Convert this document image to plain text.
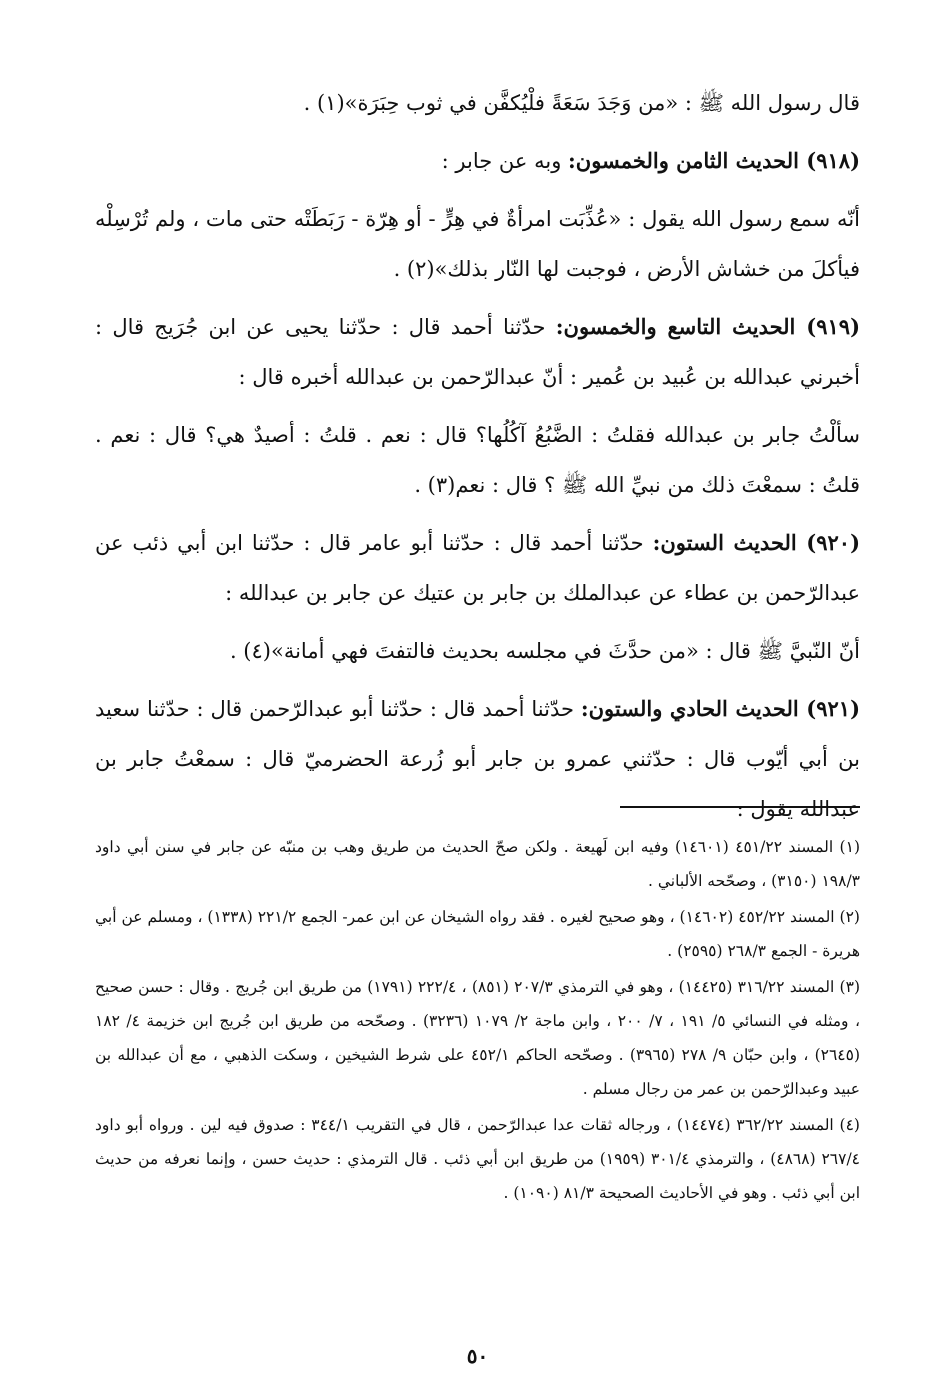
قال رسول الله ﷺ : «من وَجَدَ سَعَةً فلْيُكفَّن في ثوب حِبَرَة»(١) .

(٩١٨) الحديث الثامن والخمسون: وبه عن جابر :

أنّه سمع رسول الله يقول : «عُذِّبَت امرأةٌ في هِرٍّ - أو هِرّة - رَبَطَتْه حتى مات ، ولم تُرْسِلْه فيأكلَ من خشاش الأرض ، فوجبت لها النّار بذلك»(٢) .

(٩١٩) الحديث التاسع والخمسون: حدّثنا أحمد قال : حدّثنا يحيى عن ابن جُرَيج قال : أخبرني عبدالله بن عُبيد بن عُمير : أنّ عبدالرّحمن بن عبدالله أخبره قال :

سألْتُ جابر بن عبدالله فقلتُ : الضَّبُعُ آكُلُها؟ قال : نعم . قلتُ : أصيدٌ هي؟ قال : نعم . قلتُ : سمعْتَ ذلك من نبيِّ الله ﷺ ؟ قال : نعم(٣) .

(٩٢٠) الحديث الستون: حدّثنا أحمد قال : حدّثنا أبو عامر قال : حدّثنا ابن أبي ذئب عن عبدالرّحمن بن عطاء عن عبدالملك بن جابر بن عتيك عن جابر بن عبدالله :

أنّ النّبيَّ ﷺ قال : «من حدَّثَ في مجلسه بحديث فالتفتَ فهي أمانة»(٤) .

(٩٢١) الحديث الحادي والستون: حدّثنا أحمد قال : حدّثنا أبو عبدالرّحمن قال : حدّثنا سعيد بن أبي أيّوب قال : حدّثني عمرو بن جابر أبو زُرعة الحضرميّ قال : سمعْتُ جابر بن عبدالله يقول :

(١) المسند ٤٥١/٢٢ (١٤٦٠١) وفيه ابن لَهيعة . ولكن صحّ الحديث من طريق وهب بن منبّه عن جابر في سنن أبي داود ١٩٨/٣ (٣١٥٠) ، وصحّحه الألباني .

(٢) المسند ٤٥٢/٢٢ (١٤٦٠٢) ، وهو صحيح لغيره . فقد رواه الشيخان عن ابن عمر- الجمع ٢٢١/٢ (١٣٣٨) ، ومسلم عن أبي هريرة - الجمع ٢٦٨/٣ (٢٥٩٥) .

(٣) المسند ٣١٦/٢٢ (١٤٤٢٥) ، وهو في الترمذي ٢٠٧/٣ (٨٥١) ، ٢٢٢/٤ (١٧٩١) من طريق ابن جُريج . وقال : حسن صحيح ، ومثله في النسائي ٥/ ١٩١ ، ٧/ ٢٠٠ ، وابن ماجة ٢/ ١٠٧٩ (٣٢٣٦) . وصحّحه من طريق ابن جُريج ابن خزيمة ٤/ ١٨٢ (٢٦٤٥) ، وابن حبّان ٩/ ٢٧٨ (٣٩٦٥) . وصحّحه الحاكم ٤٥٢/١ على شرط الشيخين ، وسكت الذهبي ، مع أن عبدالله بن عبيد وعبدالرّحمن بن عمر من رجال مسلم .

(٤) المسند ٣٦٢/٢٢ (١٤٤٧٤) ، ورجاله ثقات عدا عبدالرّحمن ، قال في التقريب ٣٤٤/١ : صدوق فيه لين . ورواه أبو داود ٢٦٧/٤ (٤٨٦٨) ، والترمذي ٣٠١/٤ (١٩٥٩) من طريق ابن أبي ذئب . قال الترمذي : حديث حسن ، وإنما نعرفه من حديث ابن أبي ذئب . وهو في الأحاديث الصحيحة ٨١/٣ (١٠٩٠) .

٥٠
